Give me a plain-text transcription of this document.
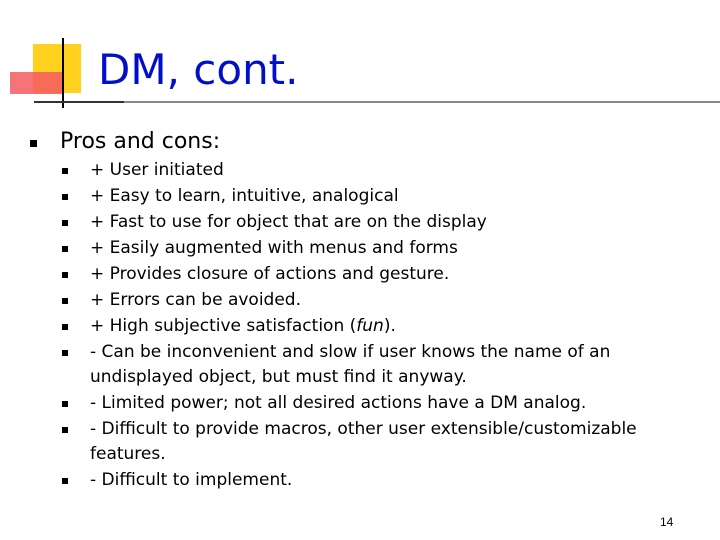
DM, cont.
Pros and cons:
+ User initiated
+ Easy to learn, intuitive, analogical
+ Fast to use for object that are on the display
+ Easily augmented with menus and forms
+ Provides closure of actions and gesture.
+ Errors can be avoided.
+ High subjective satisfaction (fun).
- Can be inconvenient and slow if user knows the name of an undisplayed object, but must find it anyway.
- Limited power; not all desired actions have a DM analog.
- Difficult to provide macros, other user extensible/customizable features.
- Difficult to implement.
14
